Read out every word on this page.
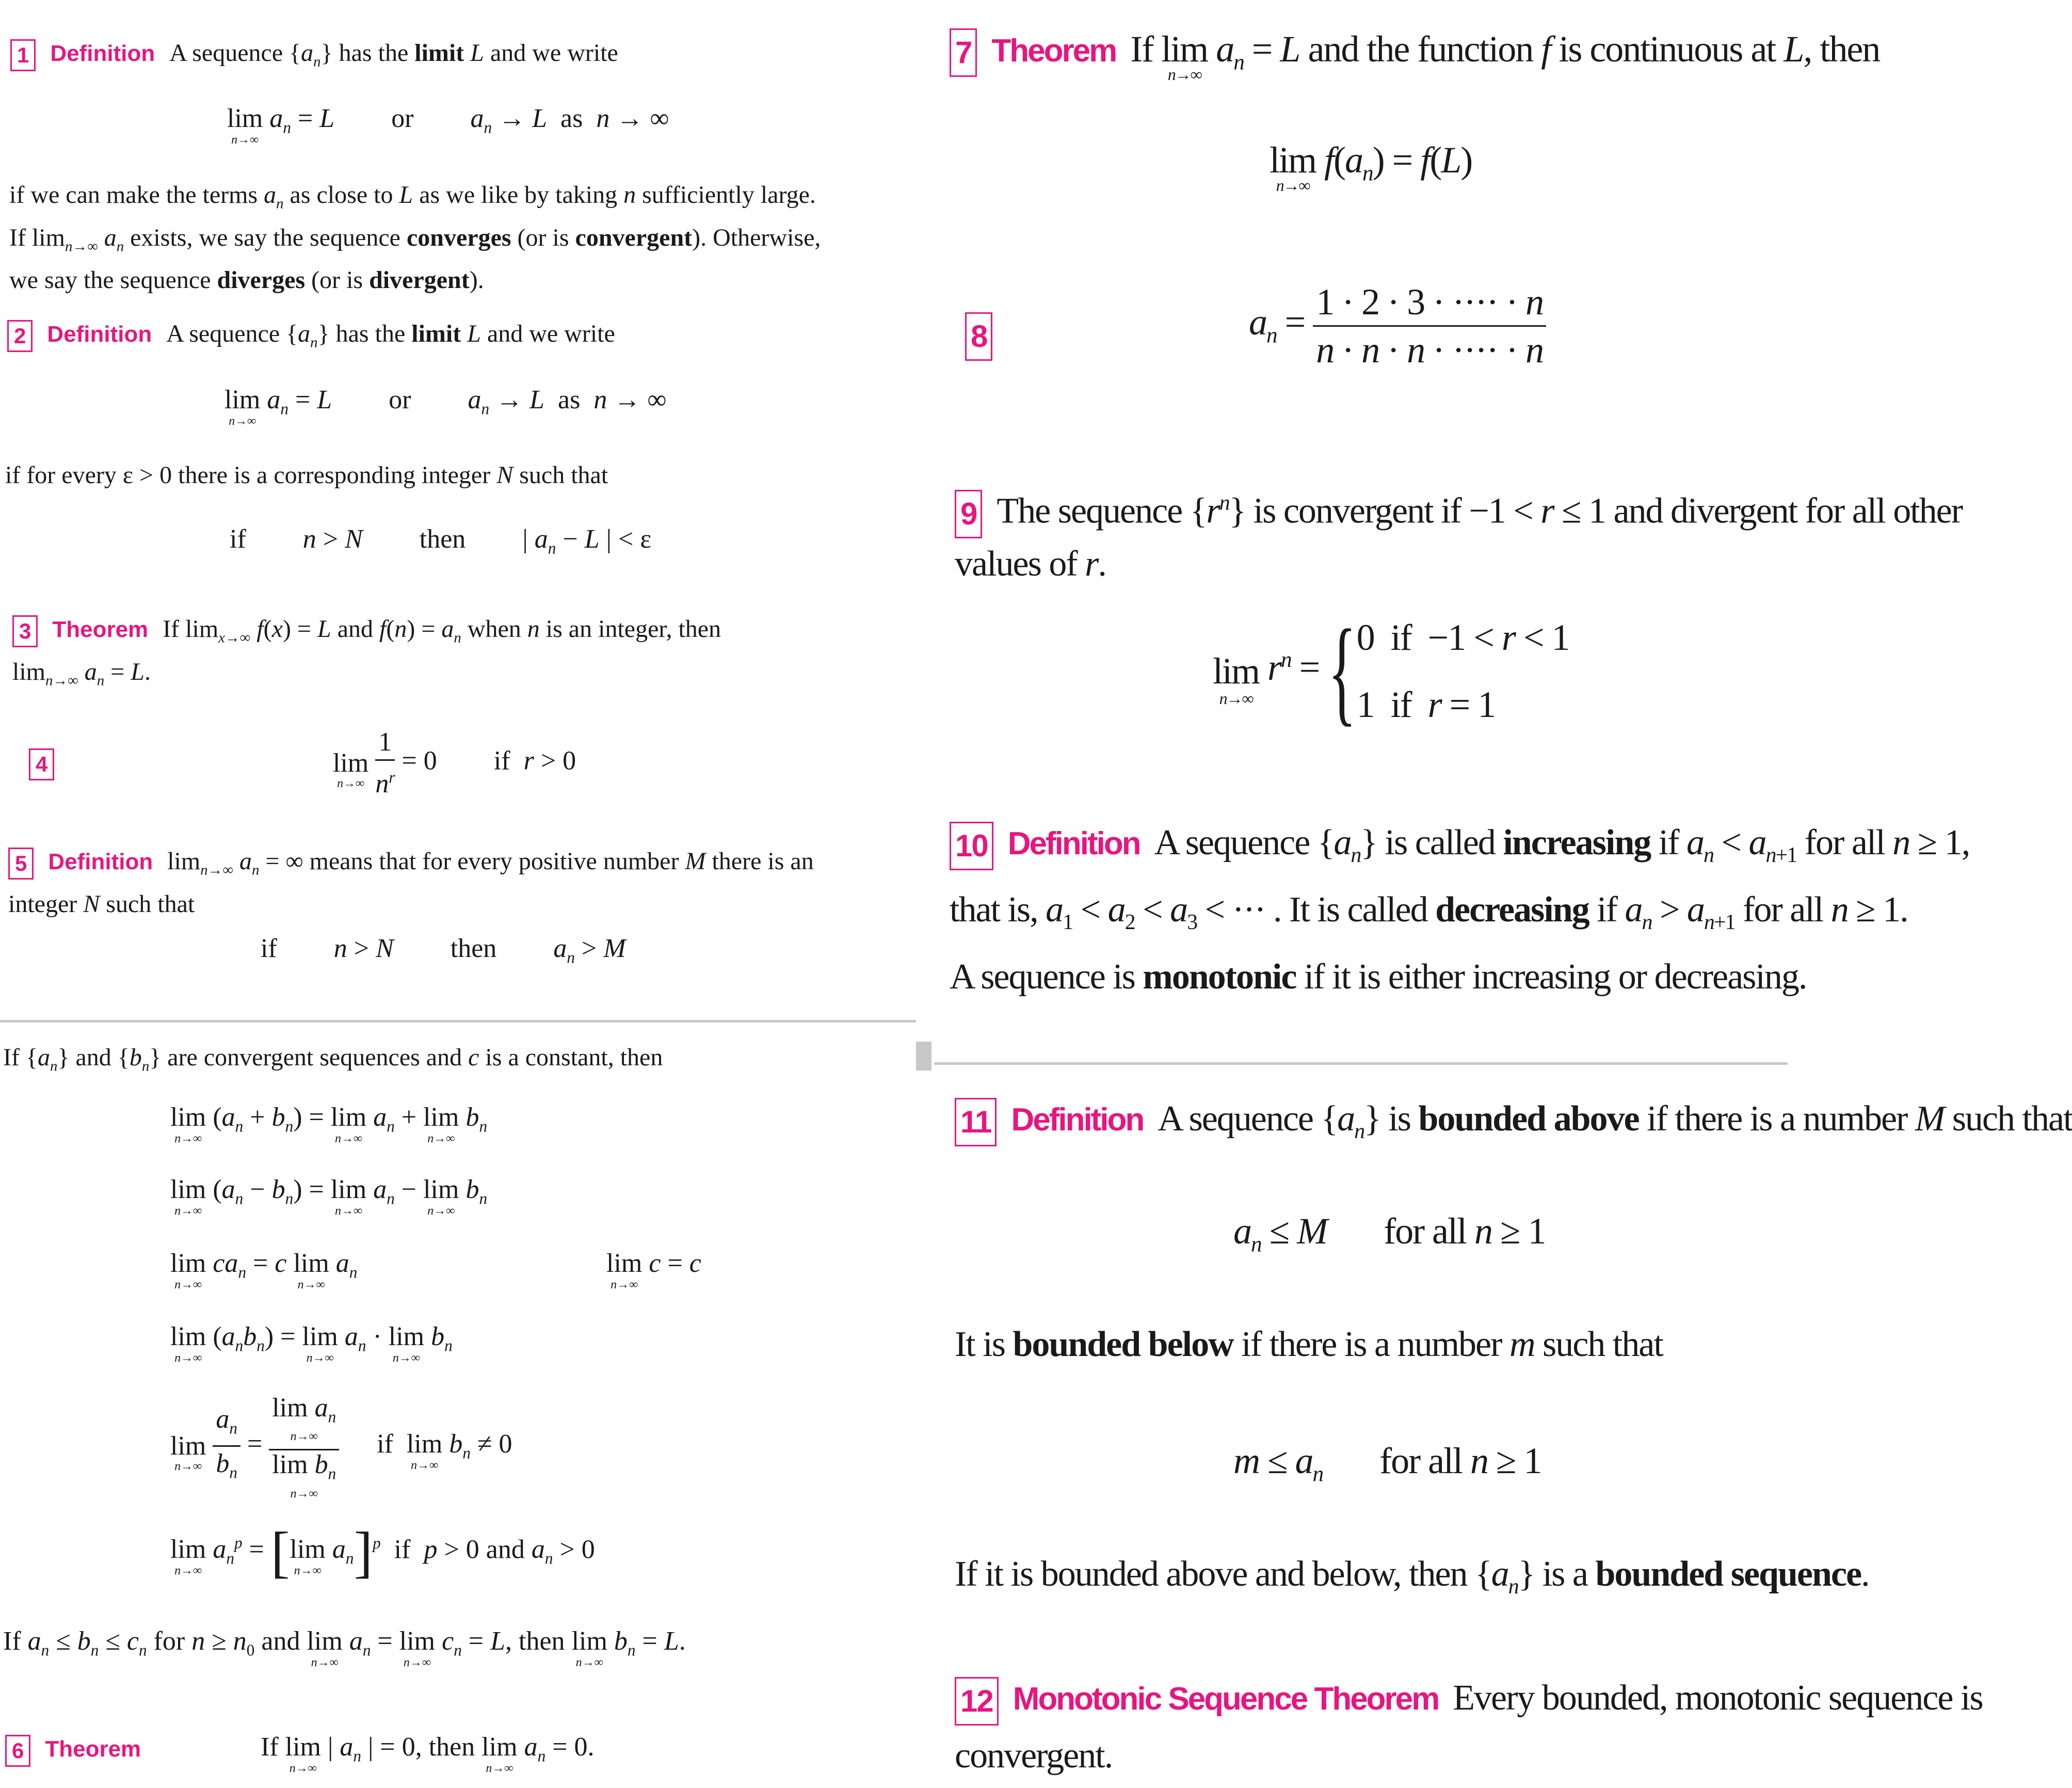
1 Definition A sequence $\{a_n\}$ has the limit L and we write
lim
n→∞
$a_n = L$ or $a_n \to L$  as  n → ∞
if we can make the terms $a_n$ as close to L as we like by taking n sufficiently large.
If $\lim_{n\to\infty} a_n$ exists, we say the sequence converges (or is convergent). Otherwise,
we say the sequence diverges (or is divergent).
2 Definition A sequence $\{a_n\}$ has the limit L and we write
lim
n→∞
$a_n = L$ or $a_n \to L$  as  n → ∞
if for every ε > 0 there is a corresponding integer N such that
if n > N then | $a_n - L$ | < ε
3 Theorem If $\lim_{x\to\infty} f(x) = L$ and $f(n) = a_n$ when n is an integer, then
$\lim_{n\to\infty} a_n = L$.
4	lim
n→∞
$\frac{1}{n^r} = 0$ if  r > 0
5 Definition $\lim_{n\to\infty} a_n$ = ∞ means that for every positive number M there is an
integer N such that
if n > N then $a_n > M$
If $\{a_n\}$ and $\{b_n\}$ are convergent sequences and c is a constant, then
lim
n→∞
$(a_n + b_n) = \lim$
n→∞
$a_n + \lim$
n→∞
$b_n$
lim
n→∞
$(a_n - b_n) = \lim$
n→∞
$a_n - \lim$
n→∞
$b_n$
lim
n→∞
$ca_n = c$ lim
n→∞
$a_n$	lim
n→∞
c = c
lim
n→∞
$(a_nb_n) = \lim$
n→∞
$a_n \cdot \lim$
n→∞
$b_n$
lim
n→∞
$\frac{a_n}{b_n}$ =
$\lim a_n$

n→∞
$\lim b_n$

n→∞
if  lim
n→∞
$b_n \ne 0$
lim
n→∞
$a_n^p = [\lim$
n→∞
$a_n]^p$  if  p > 0 and $a_n > 0$
If $a_n \le b_n \le c_n$ for $n \ge n_0$ and lim
n→∞
$a_n = \lim$
n→∞
$c_n = L$, then lim
n→∞
$b_n = L$.
6 Theorem	If lim
n→∞
| $a_n$ | = 0, then lim
n→∞
$a_n = 0$.
7 Theorem If lim
n→∞
$a_n = L$ and the function f is continuous at L, then
lim
n→∞
$f(a_n) = f(L)$
8	$a_n = \frac{1 \cdot 2 \cdot 3 \cdot \cdot\cdot\cdot\cdot \cdot n}{n \cdot n \cdot n \cdot \cdot\cdot\cdot\cdot \cdot n}$
9 The sequence $\{r^n\}$ is convergent if −1 < r ≤ 1 and divergent for all other
values of r.
lim
n→∞
$r^n = \{0$  if  −1 < r < 1
1  if  r = 1
10 Definition A sequence $\{a_n\}$ is called increasing if $a_n < a_{n+1}$ for all n ≥ 1,
that is, $a_1 < a_2 < a_3$ < ··· . It is called decreasing if $a_n > a_{n+1}$ for all n ≥ 1.
A sequence is monotonic if it is either increasing or decreasing.
11 Definition A sequence $\{a_n\}$ is bounded above if there is a number M such that
$a_n \le M$ for all n ≥ 1
It is bounded below if there is a number m such that
$m \le a_n$ for all n ≥ 1
If it is bounded above and below, then $\{a_n\}$ is a bounded sequence.
12 Monotonic Sequence Theorem Every bounded, monotonic sequence is
convergent.
